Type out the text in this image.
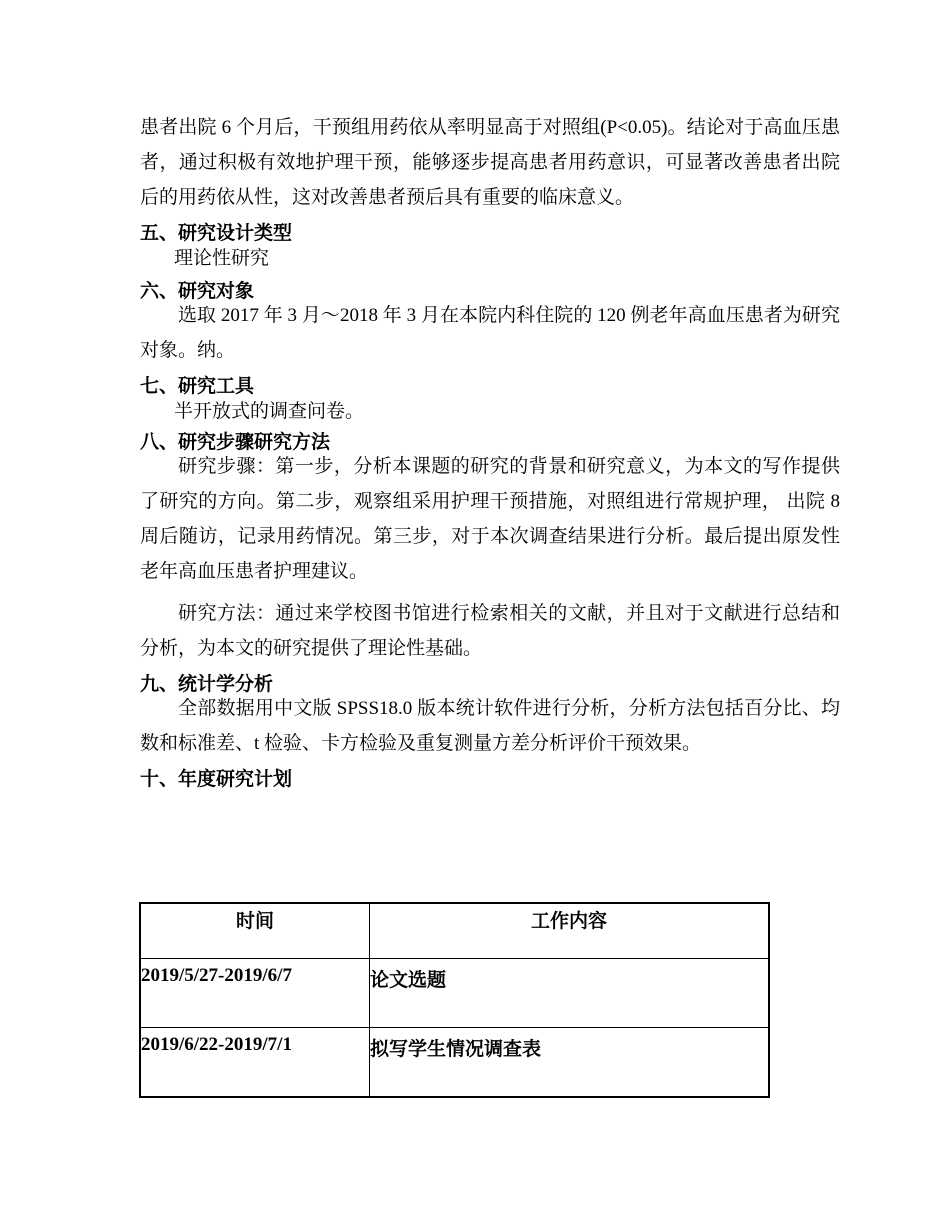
患者出院 6 个月后，干预组用药依从率明显高于对照组(P<0.05)。结论对于高血压患者，通过积极有效地护理干预，能够逐步提高患者用药意识，可显著改善患者出院后的用药依从性，这对改善患者预后具有重要的临床意义。

五、研究设计类型

理论性研究

六、研究对象

选取 2017 年 3 月～2018 年 3 月在本院内科住院的 120 例老年高血压患者为研究对象。纳。

七、研究工具

半开放式的调查问卷。

八、研究步骤研究方法

研究步骤：第一步，分析本课题的研究的背景和研究意义，为本文的写作提供了研究的方向。第二步，观察组采用护理干预措施，对照组进行常规护理， 出院 8 周后随访，记录用药情况。第三步，对于本次调查结果进行分析。最后提出原发性老年高血压患者护理建议。

研究方法：通过来学校图书馆进行检索相关的文献，并且对于文献进行总结和分析，为本文的研究提供了理论性基础。

九、统计学分析

全部数据用中文版 SPSS18.0 版本统计软件进行分析，分析方法包括百分比、均数和标准差、t 检验、卡方检验及重复测量方差分析评价干预效果。

十、年度研究计划

时间	工作内容
2019/5/27-2019/6/7	论文选题
2019/6/22-2019/7/1	拟写学生情况调查表
